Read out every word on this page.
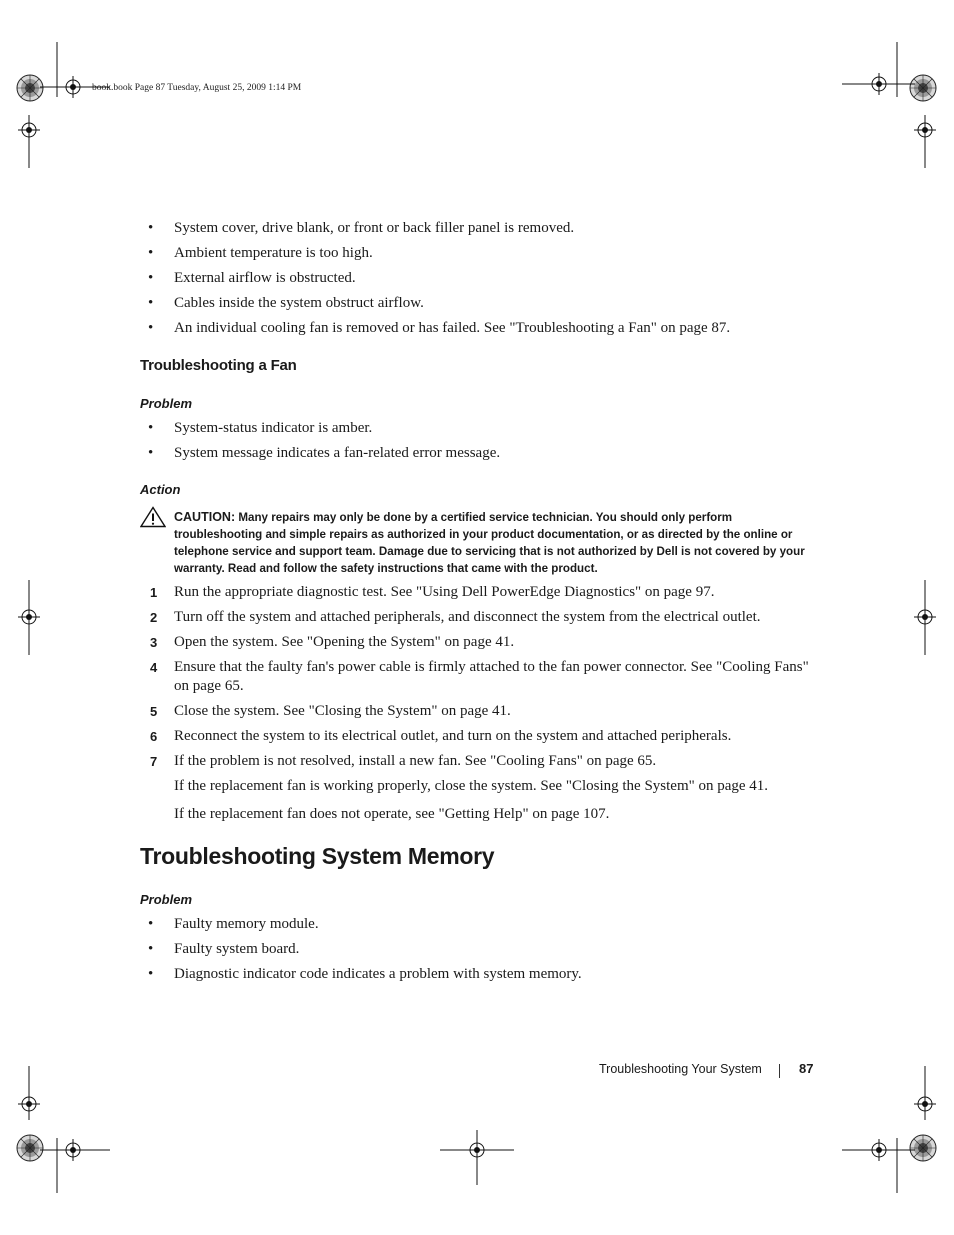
book.book Page 87 Tuesday, August 25, 2009 1:14 PM
• System cover, drive blank, or front or back filler panel is removed.
• Ambient temperature is too high.
• External airflow is obstructed.
• Cables inside the system obstruct airflow.
• An individual cooling fan is removed or has failed. See "Troubleshooting a Fan" on page 87.
Troubleshooting a Fan
Problem
• System-status indicator is amber.
• System message indicates a fan-related error message.
Action
CAUTION: Many repairs may only be done by a certified service technician. You should only perform troubleshooting and simple repairs as authorized in your product documentation, or as directed by the online or telephone service and support team. Damage due to servicing that is not authorized by Dell is not covered by your warranty. Read and follow the safety instructions that came with the product.
1 Run the appropriate diagnostic test. See "Using Dell PowerEdge Diagnostics" on page 97.
2 Turn off the system and attached peripherals, and disconnect the system from the electrical outlet.
3 Open the system. See "Opening the System" on page 41.
4 Ensure that the faulty fan's power cable is firmly attached to the fan power connector. See "Cooling Fans" on page 65.
5 Close the system. See "Closing the System" on page 41.
6 Reconnect the system to its electrical outlet, and turn on the system and attached peripherals.
7 If the problem is not resolved, install a new fan. See "Cooling Fans" on page 65.
If the replacement fan is working properly, close the system. See "Closing the System" on page 41.
If the replacement fan does not operate, see "Getting Help" on page 107.
Troubleshooting System Memory
Problem
• Faulty memory module.
• Faulty system board.
• Diagnostic indicator code indicates a problem with system memory.
Troubleshooting Your System	87
